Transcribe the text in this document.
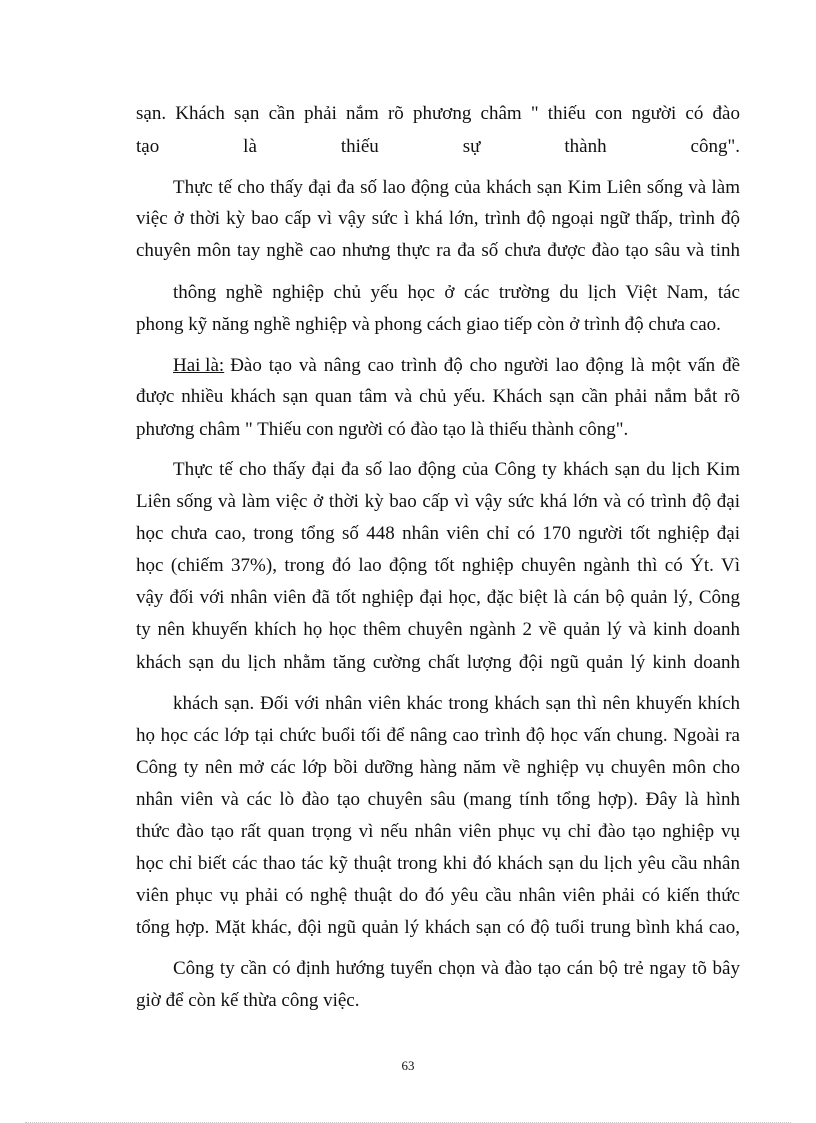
sạn. Khách sạn cần phải nắm rõ phương châm " thiếu con người có đào
tạo là thiếu sự thành công".
Thực tế cho thấy đại đa số lao động của khách sạn Kim Liên sống và làm
việc ở thời kỳ bao cấp vì vậy sức ì khá lớn, trình độ ngoại ngữ thấp, trình độ
chuyên môn tay nghề cao nhưng thực ra đa số chưa được đào tạo sâu và tinh
thông nghề nghiệp chủ yếu học ở các trường du lịch Việt Nam, tác
phong kỹ năng nghề nghiệp và phong cách giao tiếp còn ở trình độ chưa cao.
Hai là: Đào tạo và nâng cao trình độ cho người lao động là một vấn đề
được nhiều khách sạn quan tâm và chủ yếu. Khách sạn cần phải nắm bắt rõ
phương châm " Thiếu con người có đào tạo là thiếu thành công".
Thực tế cho thấy đại đa số lao động của Công ty khách sạn du lịch Kim
Liên sống và làm việc ở thời kỳ bao cấp vì vậy sức khá lớn và có trình độ đại
học chưa cao, trong tổng số 448 nhân viên chỉ có 170 người tốt nghiệp đại
học (chiếm 37%), trong đó lao động tốt nghiệp chuyên ngành thì có Ýt. Vì
vậy đối với nhân viên đã tốt nghiệp đại học, đặc biệt là cán bộ quản lý, Công
ty nên khuyến khích họ học thêm chuyên ngành 2 về quản lý và kinh doanh
khách sạn du lịch nhằm tăng cường chất lượng đội ngũ quản lý kinh doanh
khách sạn. Đối với nhân viên khác trong khách sạn thì nên khuyến khích
họ học các lớp tại chức buổi tối để nâng cao trình độ học vấn chung. Ngoài ra
Công ty nên mở các lớp bồi dưỡng hàng năm về nghiệp vụ chuyên môn cho
nhân viên và các lò đào tạo chuyên sâu (mang tính tổng hợp). Đây là hình
thức đào tạo rất quan trọng vì nếu nhân viên phục vụ chỉ đào tạo nghiệp vụ
học chỉ biết các thao tác kỹ thuật trong khi đó khách sạn du lịch yêu cầu nhân
viên phục vụ phải có nghệ thuật do đó yêu cầu nhân viên phải có kiến thức
tổng hợp. Mặt khác, đội ngũ quản lý khách sạn có độ tuổi trung bình khá cao,
Công ty cần có định hướng tuyển chọn và đào tạo cán bộ trẻ ngay tõ bây
giờ để còn kế thừa công việc.
63
